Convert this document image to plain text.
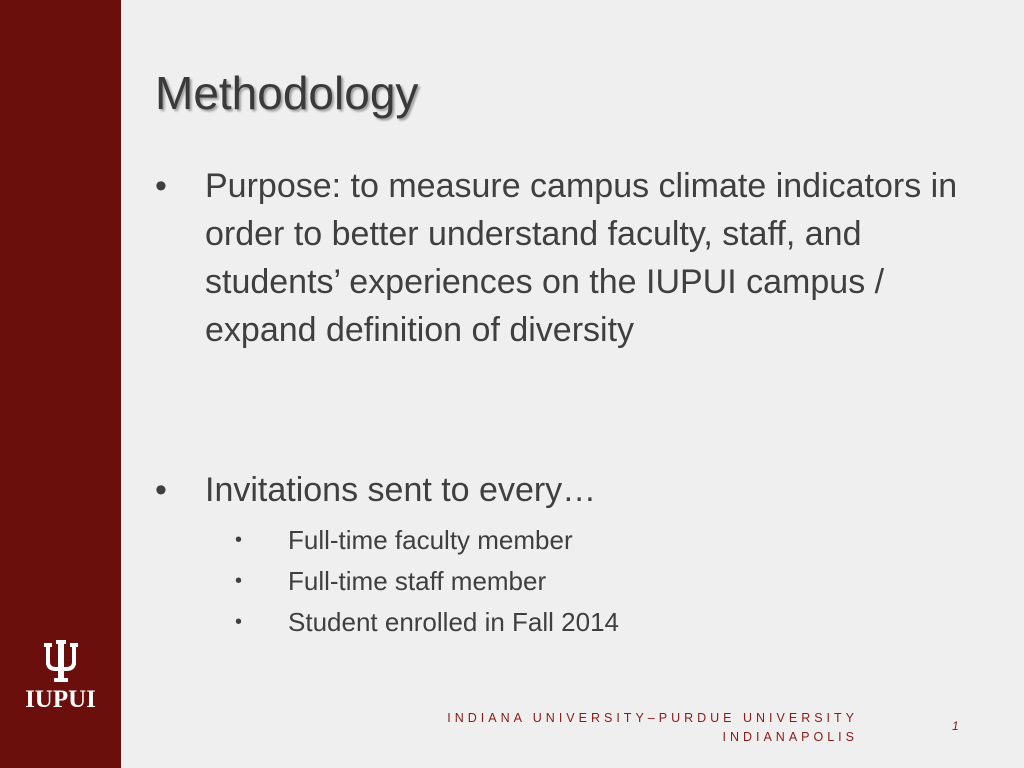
IUPUI
Methodology
• Purpose: to measure campus climate indicators in order to better understand faculty, staff, and students’ experiences on the IUPUI campus / expand definition of diversity
• Invitations sent to every…
• Full-time faculty member
• Full-time staff member
• Student enrolled in Fall 2014
INDIANA UNIVERSITY–PURDUE UNIVERSITY
INDIANAPOLIS
1
